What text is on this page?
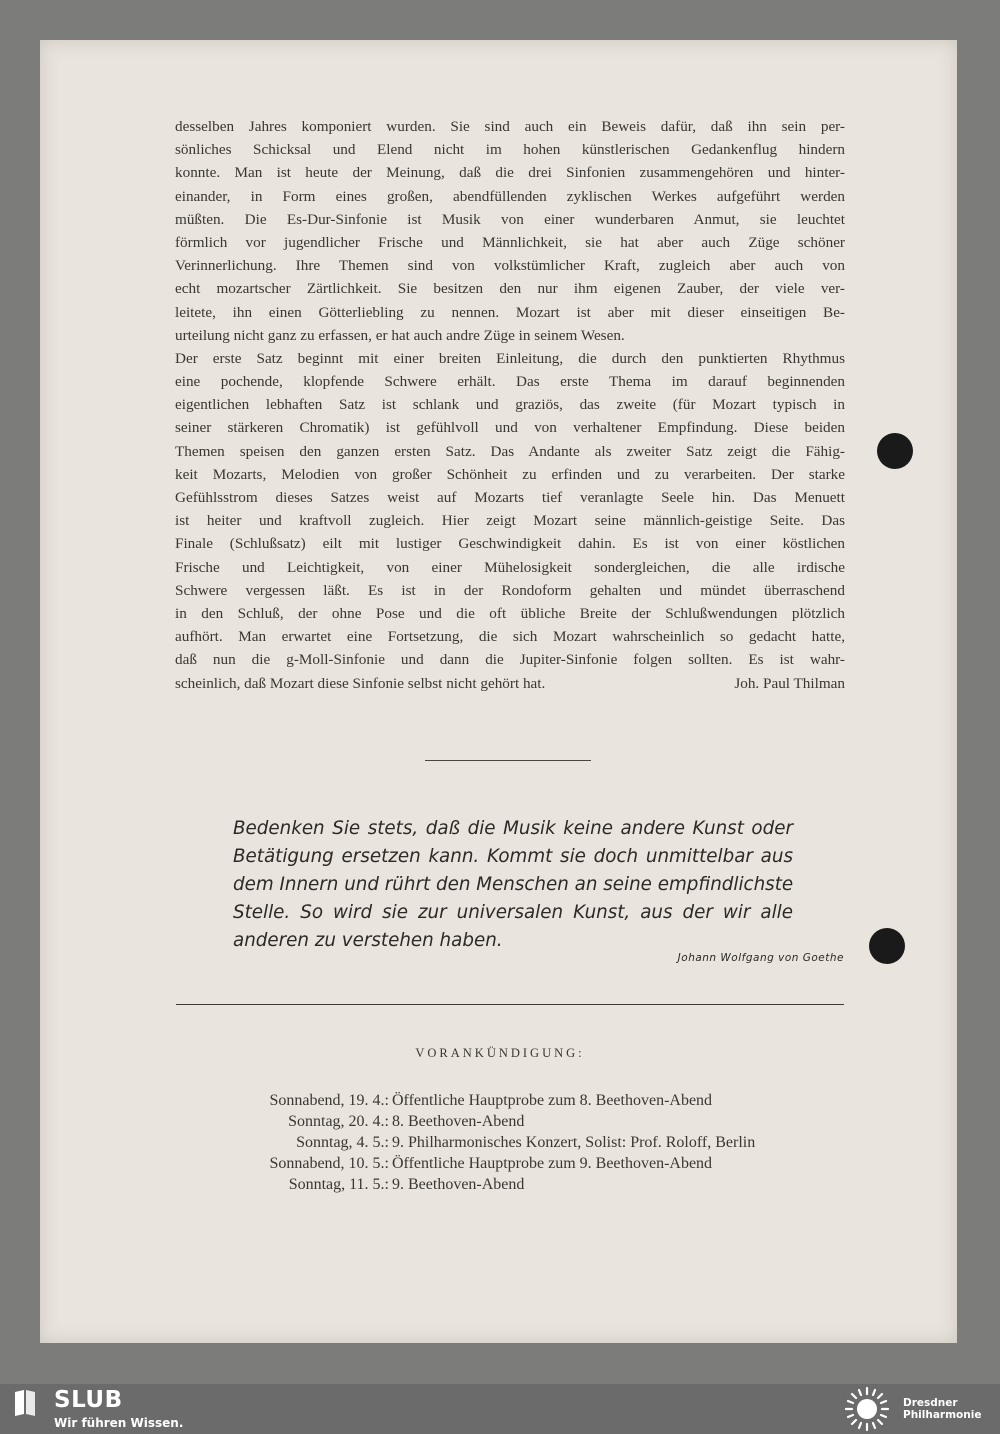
desselben Jahres komponiert wurden. Sie sind auch ein Beweis dafür, daß ihn sein per-
sönliches Schicksal und Elend nicht im hohen künstlerischen Gedankenflug hindern
konnte. Man ist heute der Meinung, daß die drei Sinfonien zusammengehören und hinter-
einander, in Form eines großen, abendfüllenden zyklischen Werkes aufgeführt werden
müßten. Die Es-Dur-Sinfonie ist Musik von einer wunderbaren Anmut, sie leuchtet
förmlich vor jugendlicher Frische und Männlichkeit, sie hat aber auch Züge schöner
Verinnerlichung. Ihre Themen sind von volkstümlicher Kraft, zugleich aber auch von
echt mozartscher Zärtlichkeit. Sie besitzen den nur ihm eigenen Zauber, der viele ver-
leitete, ihn einen Götterliebling zu nennen. Mozart ist aber mit dieser einseitigen Be-
urteilung nicht ganz zu erfassen, er hat auch andre Züge in seinem Wesen.
Der erste Satz beginnt mit einer breiten Einleitung, die durch den punktierten Rhythmus
eine pochende, klopfende Schwere erhält. Das erste Thema im darauf beginnenden
eigentlichen lebhaften Satz ist schlank und graziös, das zweite (für Mozart typisch in
seiner stärkeren Chromatik) ist gefühlvoll und von verhaltener Empfindung. Diese beiden
Themen speisen den ganzen ersten Satz. Das Andante als zweiter Satz zeigt die Fähig-
keit Mozarts, Melodien von großer Schönheit zu erfinden und zu verarbeiten. Der starke
Gefühlsstrom dieses Satzes weist auf Mozarts tief veranlagte Seele hin. Das Menuett
ist heiter und kraftvoll zugleich. Hier zeigt Mozart seine männlich-geistige Seite. Das
Finale (Schlußsatz) eilt mit lustiger Geschwindigkeit dahin. Es ist von einer köstlichen
Frische und Leichtigkeit, von einer Mühelosigkeit sondergleichen, die alle irdische
Schwere vergessen läßt. Es ist in der Rondoform gehalten und mündet überraschend
in den Schluß, der ohne Pose und die oft übliche Breite der Schlußwendungen plötzlich
aufhört. Man erwartet eine Fortsetzung, die sich Mozart wahrscheinlich so gedacht hatte,
daß nun die g-Moll-Sinfonie und dann die Jupiter-Sinfonie folgen sollten. Es ist wahr-
scheinlich, daß Mozart diese Sinfonie selbst nicht gehört hat.	Joh. Paul Thilman
Bedenken Sie stets, daß die Musik keine andere Kunst oder
Betätigung ersetzen kann. Kommt sie doch unmittelbar aus
dem Innern und rührt den Menschen an seine empfindlichste
Stelle. So wird sie zur universalen Kunst, aus der wir alle
anderen zu verstehen haben.
Johann Wolfgang von Goethe
VORANKÜNDIGUNG:
Sonnabend, 19. 4.: Öffentliche Hauptprobe zum 8. Beethoven-Abend
Sonntag, 20. 4.: 8. Beethoven-Abend
Sonntag, 4. 5.: 9. Philharmonisches Konzert, Solist: Prof. Roloff, Berlin
Sonnabend, 10. 5.: Öffentliche Hauptprobe zum 9. Beethoven-Abend
Sonntag, 11. 5.: 9. Beethoven-Abend
SLUB
Wir führen Wissen.
Dresdner
Philharmonie
